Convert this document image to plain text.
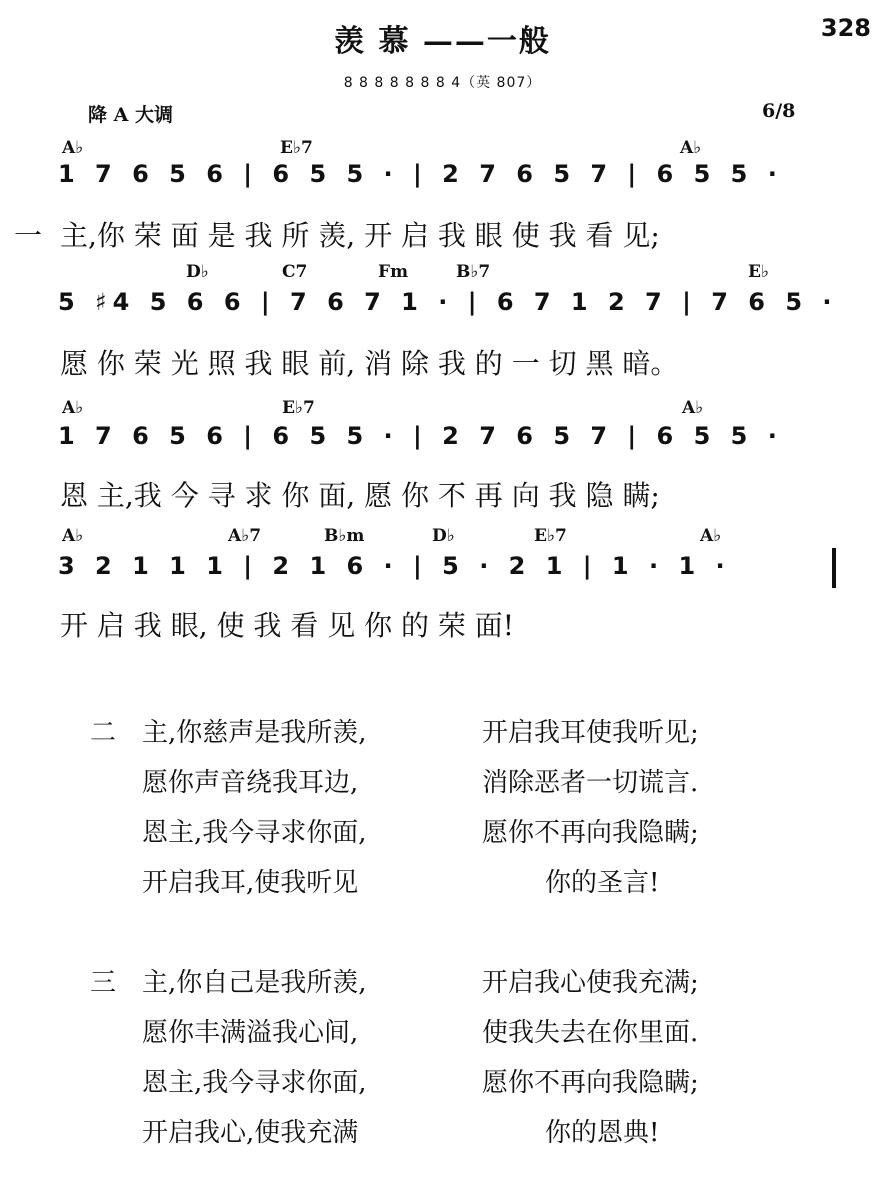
羡 慕 ——一般	328
8 8 8 8 8 8 8 4（英 807）
降 A 大调	6/8
A♭	E♭7	A♭
1 7 6 5 6 | 6 5 5 · | 2 7 6 5 7 | 6 5 5 ·
一 主,你 荣 面 是 我 所 羡, 开 启 我 眼 使 我 看 见;
D♭	C7	Fm	B♭7	E♭
5 ♯4 5 6 6 | 7 6 7 1 · | 6 7 1 2 7 | 7 6 5 ·
愿 你 荣 光 照 我 眼 前, 消 除 我 的 一 切 黑 暗。
A♭	E♭7	A♭
1 7 6 5 6 | 6 5 5 · | 2 7 6 5 7 | 6 5 5 ·
恩 主,我 今 寻 求 你 面, 愿 你 不 再 向 我 隐 瞒;
A♭	A♭7	B♭m	D♭	E♭7	A♭
3 2 1 1 1 | 2 1 6 · | 5 · 2 1 | 1 · 1 ·
开 启 我 眼, 使 我 看 见 你 的 荣 面!
二 主,你慈声是我所羡,	开启我耳使我听见;
愿你声音绕我耳边,	消除恶者一切谎言.
恩主,我今寻求你面,	愿你不再向我隐瞒;
开启我耳,使我听见	你的圣言!
三 主,你自己是我所羡,	开启我心使我充满;
愿你丰满溢我心间,	使我失去在你里面.
恩主,我今寻求你面,	愿你不再向我隐瞒;
开启我心,使我充满	你的恩典!
